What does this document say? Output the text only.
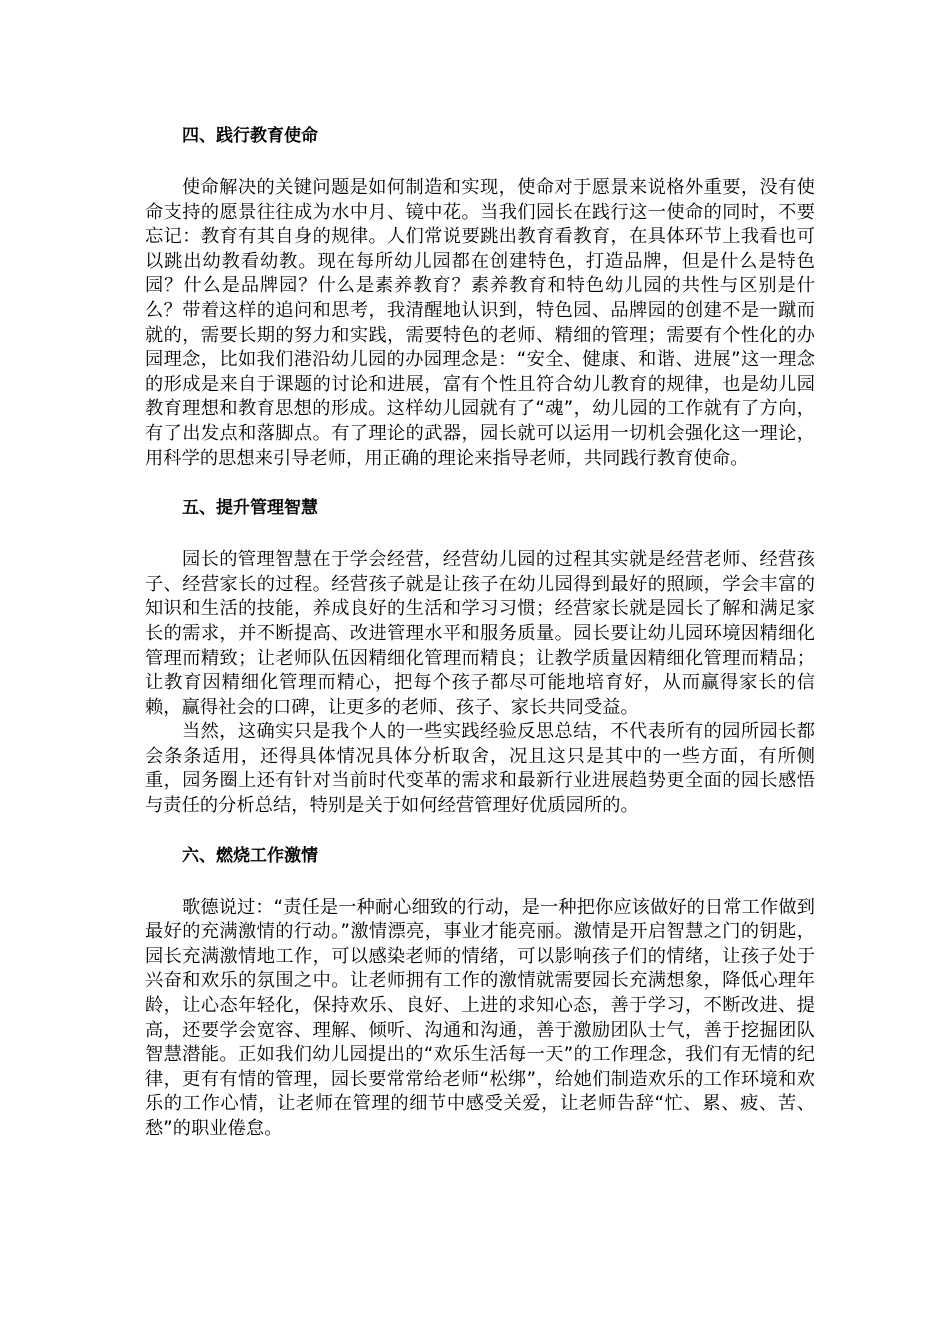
四、践行教育使命

使命解决的关键问题是如何制造和实现，使命对于愿景来说格外重要，没有使命支持的愿景往往成为水中月、镜中花。当我们园长在践行这一使命的同时，不要忘记：教育有其自身的规律。人们常说要跳出教育看教育，在具体环节上我看也可以跳出幼教看幼教。现在每所幼儿园都在创建特色，打造品牌，但是什么是特色园？什么是品牌园？什么是素养教育？素养教育和特色幼儿园的共性与区别是什么？带着这样的追问和思考，我清醒地认识到，特色园、品牌园的创建不是一蹴而就的，需要长期的努力和实践，需要特色的老师、精细的管理；需要有个性化的办园理念，比如我们港沿幼儿园的办园理念是：“安全、健康、和谐、进展”这一理念的形成是来自于课题的讨论和进展，富有个性且符合幼儿教育的规律，也是幼儿园教育理想和教育思想的形成。这样幼儿园就有了“魂”，幼儿园的工作就有了方向，有了出发点和落脚点。有了理论的武器，园长就可以运用一切机会强化这一理论，用科学的思想来引导老师，用正确的理论来指导老师，共同践行教育使命。

五、提升管理智慧

园长的管理智慧在于学会经营，经营幼儿园的过程其实就是经营老师、经营孩子、经营家长的过程。经营孩子就是让孩子在幼儿园得到最好的照顾，学会丰富的知识和生活的技能，养成良好的生活和学习习惯；经营家长就是园长了解和满足家长的需求，并不断提高、改进管理水平和服务质量。园长要让幼儿园环境因精细化管理而精致；让老师队伍因精细化管理而精良；让教学质量因精细化管理而精品；让教育因精细化管理而精心，把每个孩子都尽可能地培育好，从而赢得家长的信赖，赢得社会的口碑，让更多的老师、孩子、家长共同受益。

当然，这确实只是我个人的一些实践经验反思总结，不代表所有的园所园长都会条条适用，还得具体情况具体分析取舍，况且这只是其中的一些方面，有所侧重，园务圈上还有针对当前时代变革的需求和最新行业进展趋势更全面的园长感悟与责任的分析总结，特别是关于如何经营管理好优质园所的。

六、燃烧工作激情

歌德说过：“责任是一种耐心细致的行动，是一种把你应该做好的日常工作做到最好的充满激情的行动。”激情漂亮，事业才能亮丽。激情是开启智慧之门的钥匙，园长充满激情地工作，可以感染老师的情绪，可以影响孩子们的情绪，让孩子处于兴奋和欢乐的氛围之中。让老师拥有工作的激情就需要园长充满想象，降低心理年龄，让心态年轻化，保持欢乐、良好、上进的求知心态，善于学习，不断改进、提高，还要学会宽容、理解、倾听、沟通和沟通，善于激励团队士气，善于挖掘团队智慧潜能。正如我们幼儿园提出的“欢乐生活每一天”的工作理念，我们有无情的纪律，更有有情的管理，园长要常常给老师“松绑”，给她们制造欢乐的工作环境和欢乐的工作心情，让老师在管理的细节中感受关爱，让老师告辞“忙、累、疲、苦、愁”的职业倦怠。
